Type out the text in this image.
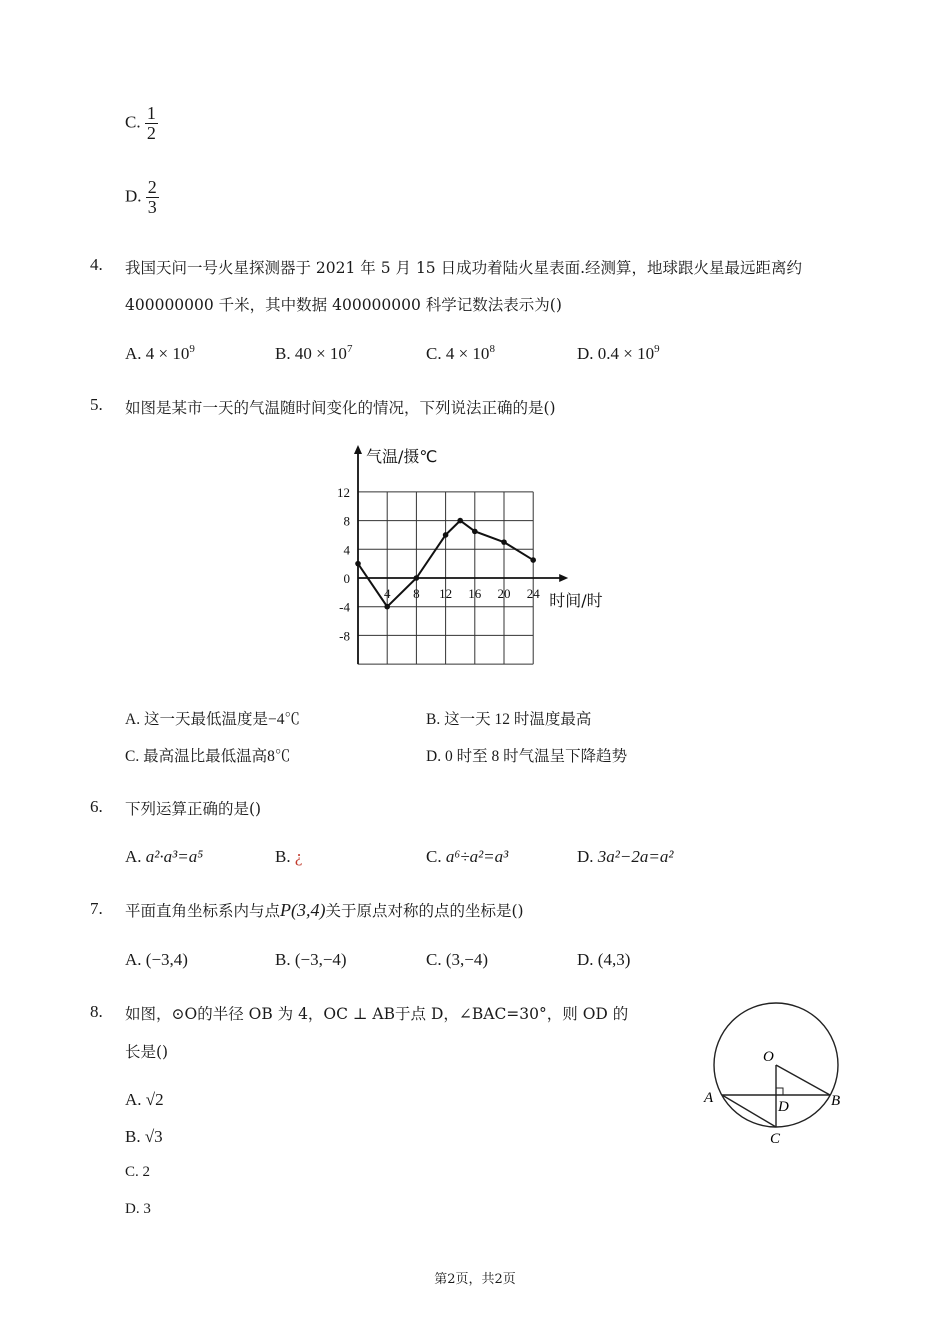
C. $\frac{1}{2}$
D. $\frac{2}{3}$
4. 我国天问一号火星探测器于 2021 年 5 月 15 日成功着陆火星表面.经测算，地球跟火星最远距离约
400000000 千米，其中数据 400000000 科学记数法表示为()
A. $4 \times 10^9$	B. $40 \times 10^7$	C. $4 \times 10^8$	D. $0.4 \times 10^9$
5. 如图是某市一天的气温随时间变化的情况，下列说法正确的是()
气温/摄℃
时间/时
12
8
4
0
-4
-8
4 8 12 16 20 24
A. 这一天最低温度是−4℃	B. 这一天 12 时温度最高
C. 最高温比最低温高8℃	D. 0 时至 8 时气温呈下降趋势
6. 下列运算正确的是()
A. a²·a³=a⁵	B. ¿	C. a⁶÷a²=a³	D. 3a²−2a=a²
7. 平面直角坐标系内与点P(3,4)关于原点对称的点的坐标是()
A. (−3,4)	B. (−3,−4)	C. (3,−4)	D. (4,3)
8. 如图，⊙O的半径 OB 为 4，OC ⊥ AB于点 D，∠BAC=30°，则 OD 的
长是()
A. √2
B. √3
C. 2
D. 3
O
A	B
C
D
第2页，共2页
